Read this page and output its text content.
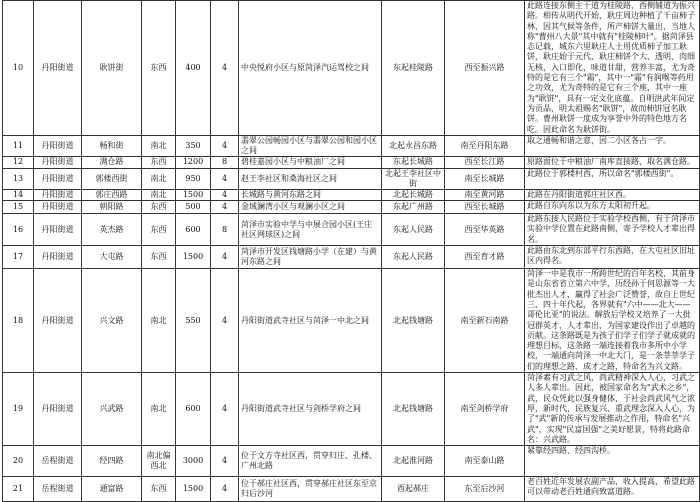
10	丹阳街道	耿饼街	东西	400	4	中央悦府小区与原菏泽汽运驾校之间	东起桂陵路	西至振兴路	此路连接东侧主干道为桂陵路，西侧辅道为振兴路。相传从明代开始，耿庄周边种植了千亩柿子林，因其气候等条件，所产柿饼大量出，当地人称"曹州八大景"其中就有"桂陵柿叶"。据菏泽县志记载，城东六里耿庄人士用优质柿子加工耿饼，耿庄始于元代，耿庄柿饼个大、透明、肉细无核，入口即化，味道甘甜，营养丰富，尤为奇特的是它有三个"霜"，其中一"霜"有润喉等药用之功效，尤为奇特的是它有三个座，其中一座为"耿饼"，具有一定文化底蕴。自明洪武年间定为贡品，明太祖赐名"耿饼"，故而柿饼冠名耿饼。曹州耿饼一度成为享誉中外的特色地方名吃。因此命名为耿饼街。
11	丹阳街道	畅和街	南北	350	4	翡翠公园畅园小区与翡翠公园和园小区之间	北起永昌东路	南至丹阳东路	取之通畅和谐之意，因二小区各占一字。
12	丹阳街道	满仓路	东西	1200	8	碧桂嘉园小区与中粮油厂之间	东起长城路	西至长江路	原路面位于中粮油厂南库直接路，取名满仓路。
13	丹阳街道	郭楼西街	南北	950	4	赵王李社区和桑海社区之间	北起王李社区中街	南至长城路	此路位于郭楼村西，所以命名"郭楼西街"。
14	丹阳街道	郭庄西路	南北	1500	4	长城路与黄河东路之间	北起长城路	南至黄河路	此路在丹阳街道郭庄社区西。
15	丹阳街道	朝阳路	东西	500	4	金域澜湾小区与观澜小区之间	东起广州路	西至长城路	此路自东向东以为东方太阳初升起。
16	丹阳街道	英杰路	东西	600	8	菏泽市实验中学与中展合园小区(王庄社区网球区)之间	东起人民路	西至华英路	此路东接人民路位于实验学校西侧，有于菏泽市实验中学位置在此路南侧，寄予学校人才辈出得名。
17	丹阳街道	大屯路	东西	1500	4	菏泽市开发区钱塘路小学（在建）与黄河东路之间	东起人民路	西至育才路	此路由东北到东部平行东西路，在大屯社区旧址区内得名。
18	丹阳街道	兴文路	南北	550	4	丹阳街道武寺社区与菏泽一中北之间	北起钱塘路	南至新石南路	菏泽一中是我市一所跨世纪的百年名校，其前身是山东省省立第六中学，历经孙于何思源等一大批杰出人才，赢得了社会广泛赞誉，故自上世纪三、四十年代起，各界就有"六中——北大——哥伦比亚"的说法。解放后学校又培养了一大批冠群英才，人才辈出，为国家建设作出了卓越的贡献。这条路既是为孩子们学子们学子就成就的理想目标，这条路一端连接着我市多所中小学校，一端通向菏泽一中北大门，是一条莘莘学子们的理想之路、成才之路，特命名为兴文路。
19	丹阳街道	兴武路	南北	600	4	丹阳街道武寺社区与剑桥学府之间	北起钱塘路	南至剑桥学府	菏泽素有习武之风，尚武精神深入人心，习武之人多人辈出。因此，被国家命名为"武术之乡"，武，民众凭此以强身健体，于社会尚武风气之浓厚，新时代，民族复兴、重武理念深入人心，为了"武"新的传承与发展推动之作用，特命名"兴武"，实现"民富国强"之美好愿景，特将此路命名：兴武路。
20	岳程街道	经四路	南北偏西北	3000	4	位于文方寺社区西，贯穿归庄、孔楼、广州北路	北起淮河路	南至泰山路	紧靠经四路、经四沟桥。
21	岳程街道	通富路	东西	1500	4	位于郝庄社区西，贯穿郝庄社区东至京归后沙河	西起郝庄	东至后沙河	老百姓近年发展农副产品，收入提高，希望此路可以带动老百姓通向致富道路。
